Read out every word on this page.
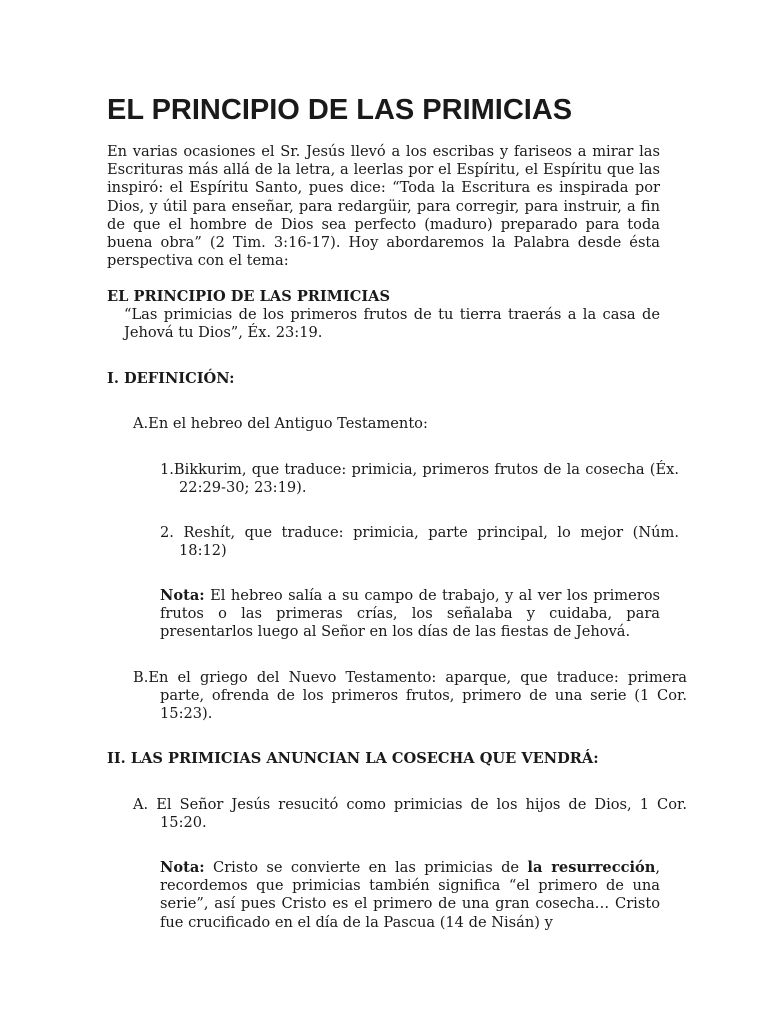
EL PRINCIPIO DE LAS PRIMICIAS

En varias ocasiones el Sr. Jesús llevó a los escribas y fariseos a mirar las Escrituras más allá de la letra, a leerlas por el Espíritu, el Espíritu que las inspiró: el Espíritu Santo, pues dice: “Toda la Escritura es inspirada por Dios, y útil para enseñar, para redargüir, para corregir, para instruir, a fin de que el hombre de Dios sea perfecto (maduro) preparado para toda buena obra” (2 Tim. 3:16-17). Hoy abordaremos la Palabra desde ésta perspectiva con el tema:

EL PRINCIPIO DE LAS PRIMICIAS

“Las primicias de los primeros frutos de tu tierra traerás a la casa de Jehová tu Dios”, Éx. 23:19.

I. DEFINICIÓN:

A.En el hebreo del Antiguo Testamento:

1.Bikkurim, que traduce: primicia, primeros frutos de la cosecha (Éx. 22:29-30; 23:19).

2. Reshít, que traduce: primicia, parte principal, lo mejor (Núm. 18:12)

Nota: El hebreo salía a su campo de trabajo, y al ver los primeros frutos o las primeras crías, los señalaba y cuidaba, para presentarlos luego al Señor en los días de las fiestas de Jehová.

B.En el griego del Nuevo Testamento: aparque, que traduce: primera parte, ofrenda de los primeros frutos, primero de una serie (1 Cor. 15:23).

II. LAS PRIMICIAS ANUNCIAN LA COSECHA QUE VENDRÁ:

A. El Señor Jesús resucitó como primicias de los hijos de Dios, 1 Cor. 15:20.

Nota: Cristo se convierte en las primicias de la resurrección, recordemos que primicias también significa “el primero de una serie”, así pues Cristo es el primero de una gran cosecha… Cristo fue crucificado en el día de la Pascua (14 de Nisán) y
